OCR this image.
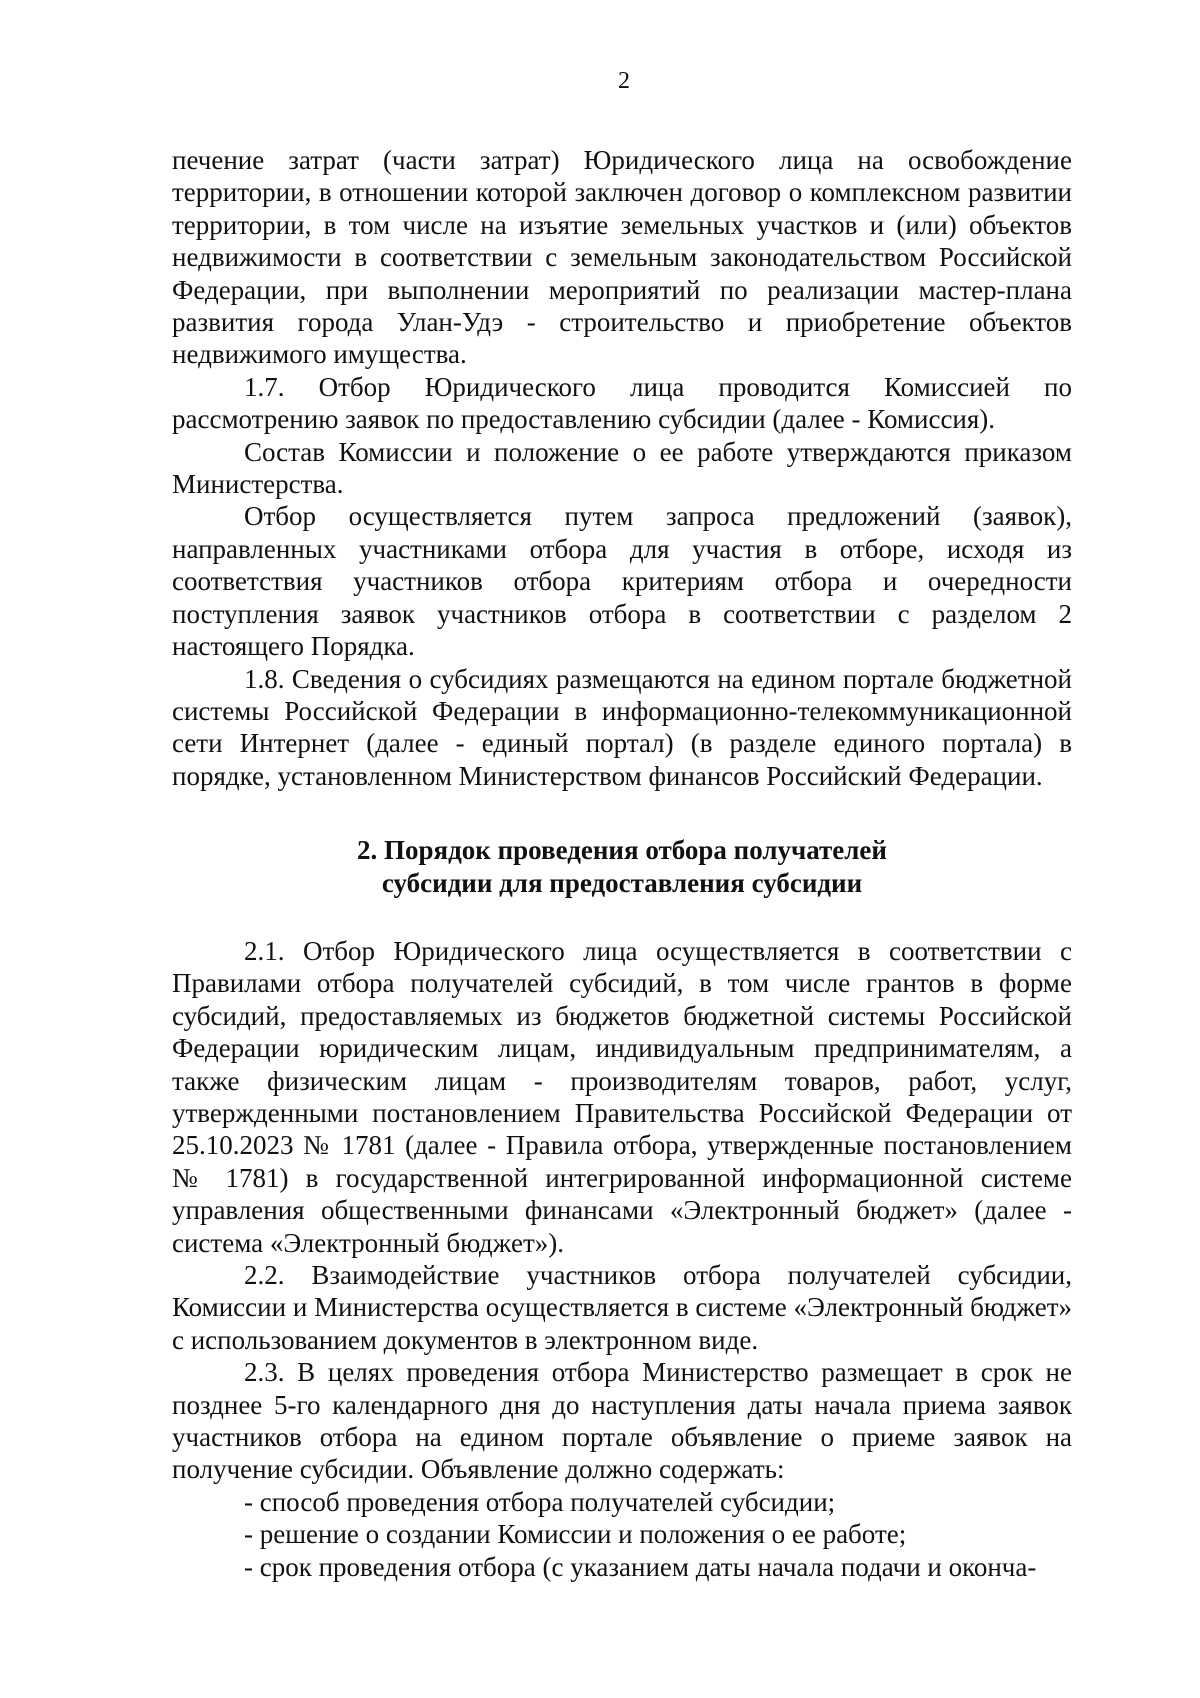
2

печение затрат (части затрат) Юридического лица на освобождение территории, в отношении которой заключен договор о комплексном развитии территории, в том числе на изъятие земельных участков и (или) объектов недвижимости в соответствии с земельным законодательством Российской Федерации, при выполнении мероприятий по реализации мастер-плана развития города Улан-Удэ - строительство и приобретение объектов недвижимого имущества.

1.7. Отбор Юридического лица проводится Комиссией по рассмотрению заявок по предоставлению субсидии (далее - Комиссия).

Состав Комиссии и положение о ее работе утверждаются приказом Министерства.

Отбор осуществляется путем запроса предложений (заявок), направленных участниками отбора для участия в отборе, исходя из соответствия участников отбора критериям отбора и очередности поступления заявок участников отбора в соответствии с разделом 2 настоящего Порядка.

1.8. Сведения о субсидиях размещаются на едином портале бюджетной системы Российской Федерации в информационно-телекоммуникационной сети Интернет (далее - единый портал) (в разделе единого портала) в порядке, установленном Министерством финансов Российский Федерации.

2. Порядок проведения отбора получателей
субсидии для предоставления субсидии

2.1. Отбор Юридического лица осуществляется в соответствии с Правилами отбора получателей субсидий, в том числе грантов в форме субсидий, предоставляемых из бюджетов бюджетной системы Российской Федерации юридическим лицам, индивидуальным предпринимателям, а также физическим лицам - производителям товаров, работ, услуг, утвержденными постановлением Правительства Российской Федерации от 25.10.2023 № 1781 (далее - Правила отбора, утвержденные постановлением № 1781) в государственной интегрированной информационной системе управления общественными финансами «Электронный бюджет» (далее - система «Электронный бюджет»).

2.2. Взаимодействие участников отбора получателей субсидии, Комиссии и Министерства осуществляется в системе «Электронный бюджет» с использованием документов в электронном виде.

2.3. В целях проведения отбора Министерство размещает в срок не позднее 5-го календарного дня до наступления даты начала приема заявок участников отбора на едином портале объявление о приеме заявок на получение субсидии. Объявление должно содержать:

- способ проведения отбора получателей субсидии;

- решение о создании Комиссии и положения о ее работе;

- срок проведения отбора (с указанием даты начала подачи и оконча-
